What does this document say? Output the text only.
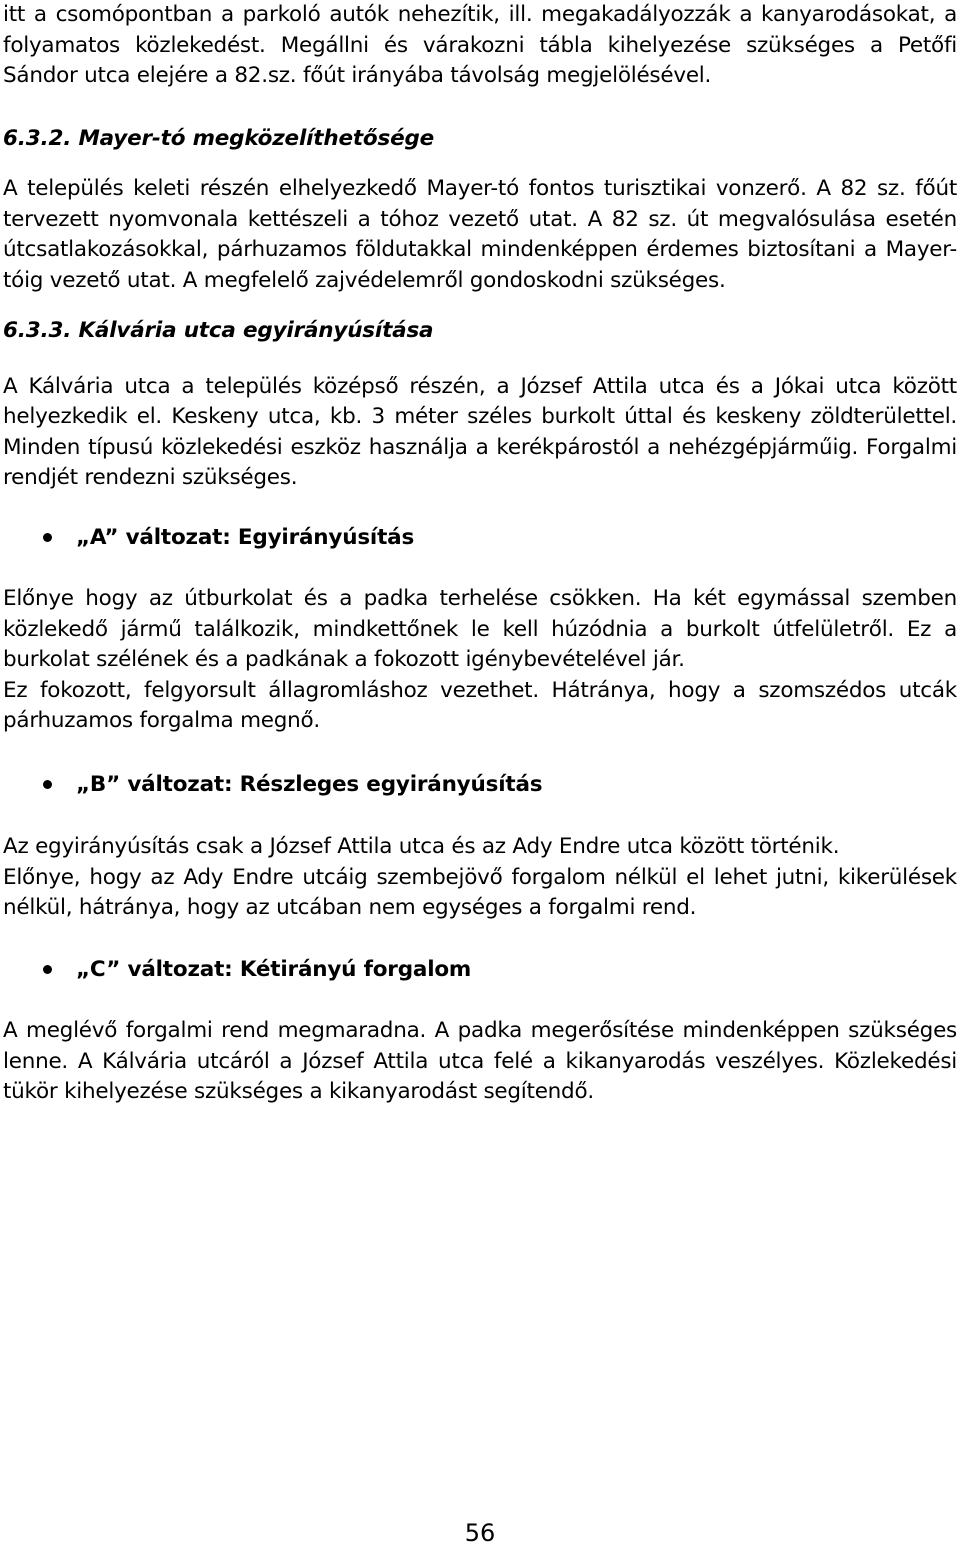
itt a csomópontban a parkoló autók nehezítik, ill. megakadályozzák a kanyarodásokat, a folyamatos közlekedést. Megállni és várakozni tábla kihelyezése szükséges a Petőfi Sándor utca elejére a 82.sz. főút irányába távolság megjelölésével.

6.3.2. Mayer-tó megközelíthetősége

A település keleti részén elhelyezkedő Mayer-tó fontos turisztikai vonzerő. A 82 sz. főút tervezett nyomvonala kettészeli a tóhoz vezető utat. A 82 sz. út megvalósulása esetén útcsatlakozásokkal, párhuzamos földutakkal mindenképpen érdemes biztosítani a Mayer-tóig vezető utat. A megfelelő zajvédelemről gondoskodni szükséges.

6.3.3. Kálvária utca egyirányúsítása

A Kálvária utca a település középső részén, a József Attila utca és a Jókai utca között helyezkedik el. Keskeny utca, kb. 3 méter széles burkolt úttal és keskeny zöldterülettel. Minden típusú közlekedési eszköz használja a kerékpárostól a nehézgépjárműig. Forgalmi rendjét rendezni szükséges.

„A” változat: Egyirányúsítás

Előnye hogy az útburkolat és a padka terhelése csökken. Ha két egymással szemben közlekedő jármű találkozik, mindkettőnek le kell húzódnia a burkolt útfelületről. Ez a burkolat szélének és a padkának a fokozott igénybevételével jár.

Ez fokozott, felgyorsult állagromláshoz vezethet. Hátránya, hogy a szomszédos utcák párhuzamos forgalma megnő.

„B” változat: Részleges egyirányúsítás

Az egyirányúsítás csak a József Attila utca és az Ady Endre utca között történik.

Előnye, hogy az Ady Endre utcáig szembejövő forgalom nélkül el lehet jutni, kikerülések nélkül, hátránya, hogy az utcában nem egységes a forgalmi rend.

„C” változat: Kétirányú forgalom

A meglévő forgalmi rend megmaradna. A padka megerősítése mindenképpen szükséges lenne. A Kálvária utcáról a József Attila utca felé a kikanyarodás veszélyes. Közlekedési tükör kihelyezése szükséges a kikanyarodást segítendő.

56
